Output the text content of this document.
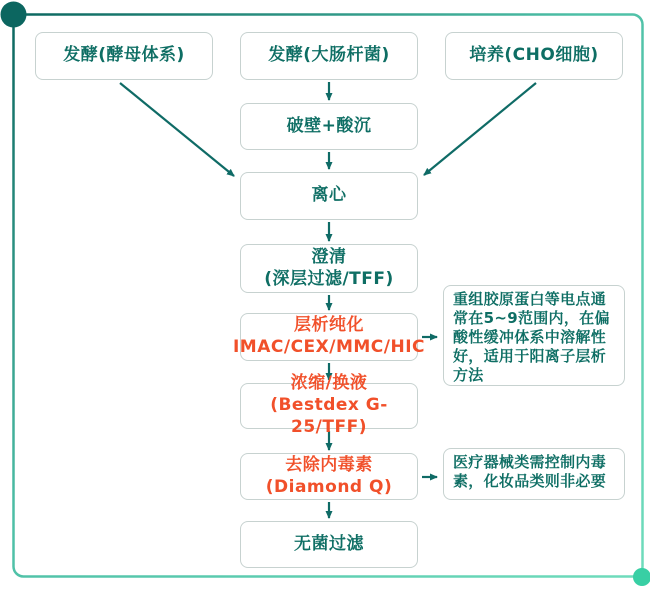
发酵(酵母体系)	发酵(大肠杆菌)	培养(CHO细胞)
破壁+酸沉
离心
澄清
(深层过滤/TFF)
层析纯化
IMAC/CEX/MMC/HIC
浓缩/换液
(Bestdex G-25/TFF)
去除内毒素
(Diamond Q)
无菌过滤
重组胶原蛋白等电点通常在5~9范围内，在偏酸性缓冲体系中溶解性好，适用于阳离子层析方法
医疗器械类需控制内毒素，化妆品类则非必要
